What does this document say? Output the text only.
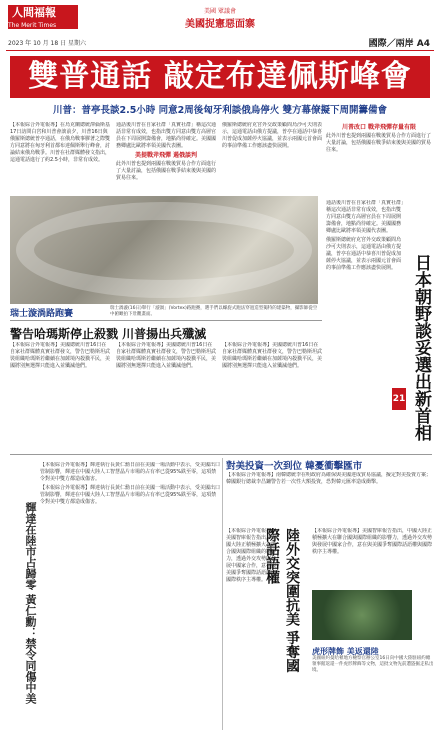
人間福報
The Merit Times
美國 眾議會
美國捉憲惡面寨
2023 年 10 月 18 日 星期六	國際／兩岸 A4
雙普通話 敲定布達佩斯峰會
川普：普亭長談2.5小時 同意2周後匈牙利談俄烏停火 雙方幕僚擬下周開籌備會

【本報綜合外電報導】在烏克蘭總統澤倫斯基17日訪問白宮和川普會談前夕，川普16日與俄羅斯總統普亭通話，在俄烏戰事膠著之際雙方同意將在匈牙利首都布達佩斯舉行峰會，討論結束俄烏戰爭。川普在社群媒體發文指出，這通電話進行了約2.5小時，非常有成效。

通話後川普在自家社群「真實社群」稱這次通話非常有成效，也指出雙方同意由雙方高層官員在下周展開籌備會，地點尚待確定。美國國務卿盧比歐將率領美國代表團。

美提戰斧飛彈 遏俄談判

此外川普也提到兩國在戰後貿易合作方面進行了大量討論，包括俄國在戰爭結束後與美國的貿易往來。

俄羅斯總統府克宮外交政策顧問烏沙可夫則表示，這通電話由俄方提議，普亭在通話中恭喜川普促成加薩停火協議，並表示兩國元首會面的事前準備工作應該盡快展開。

川普改口 戰斧飛彈存量有限

此外川普也提到兩國在戰後貿易合作方面進行了大量討論，包括俄國在戰爭結束後與美國的貿易往來。

瑞士漩渦路跑賽
瑞士渦漩(16日)舉行「漩渦」(Vortex)路跑賽，選手們以螺旋式跑法穿過造型獨特的建築物，攝影師從空中俯瞰拍下壯觀畫面。

通話後川普在自家社群「真實社群」稱這次通話非常有成效，也指出雙方同意由雙方高層官員在下周展開籌備會，地點尚待確定。美國國務卿盧比歐將率領美國代表團。

俄羅斯總統府克宮外交政策顧問烏沙可夫則表示，這通電話由俄方提議，普亭在通話中恭喜川普促成加薩停火協議，並表示兩國元首會面的事前準備工作應該盡快展開。 日本朝野談妥選出新首相
21
警告哈瑪斯停止殺戮 川普揚出兵殲滅

【本報綜合外電報導】美國總統川普16日在自家社群媒體真實社群發文，警告巴勒斯坦武裝組織哈瑪斯若繼續在加薩境內殺戮平民，美國將別無選擇只能進入並殲滅他們。

【本報綜合外電報導】美國總統川普16日在自家社群媒體真實社群發文，警告巴勒斯坦武裝組織哈瑪斯若繼續在加薩境內殺戮平民，美國將別無選擇只能進入並殲滅他們。

【本報綜合外電報導】美國總統川普16日在自家社群媒體真實社群發文，警告巴勒斯坦武裝組織哈瑪斯若繼續在加薩境內殺戮平民，美國將別無選擇只能進入並殲滅他們。

對美投資一次到位 韓憂衝擊匯市

【本報綜合外電報導】南韓總統李在明政府為確保與美國達成貿易協議，擬定對美投資方案；韓國銀行總裁李昌鏞警告若一次性大額投資，恐對韓元匯率造成衝擊。

輝達在陸市占歸零 黃仁勳：禁令同傷中美

【本報綜合外電報導】輝達執行長黃仁勳日前在美國一場活動中表示，受美國出口管制影響，輝達在中國大陸人工智慧晶片市場的占有率已從95%跌至零，這項禁令對美中雙方都造成傷害。

【本報綜合外電報導】輝達執行長黃仁勳日前在美國一場活動中表示，受美國出口管制影響，輝達在中國大陸人工智慧晶片市場的占有率已從95%跌至零，這項禁令對美中雙方都造成傷害。

【本報綜合外電報導】美國智庫報告指出，中國大陸正積極擴大在聯合國與國際組織的影響力，透過外交攻勢與發展中國家合作，意在與美國爭奪國際話語權與國際秩序主導權。	陸外交突圍抗美 爭奪國際話語權	【本報綜合外電報導】美國智庫報告指出，中國大陸正積極擴大在聯合國與國際組織的影響力，透過外交攻勢與發展中國家合作，意在與美國爭奪國際話語權與國際秩序主導權。

虎形牌飾 美返還陸
美國紐約曼哈頓地方檢察官辦公室16日向中國大陸駐紐約總領事館返還一件虎形牌飾等文物，這批文物先前遭盜掘走私出境。
